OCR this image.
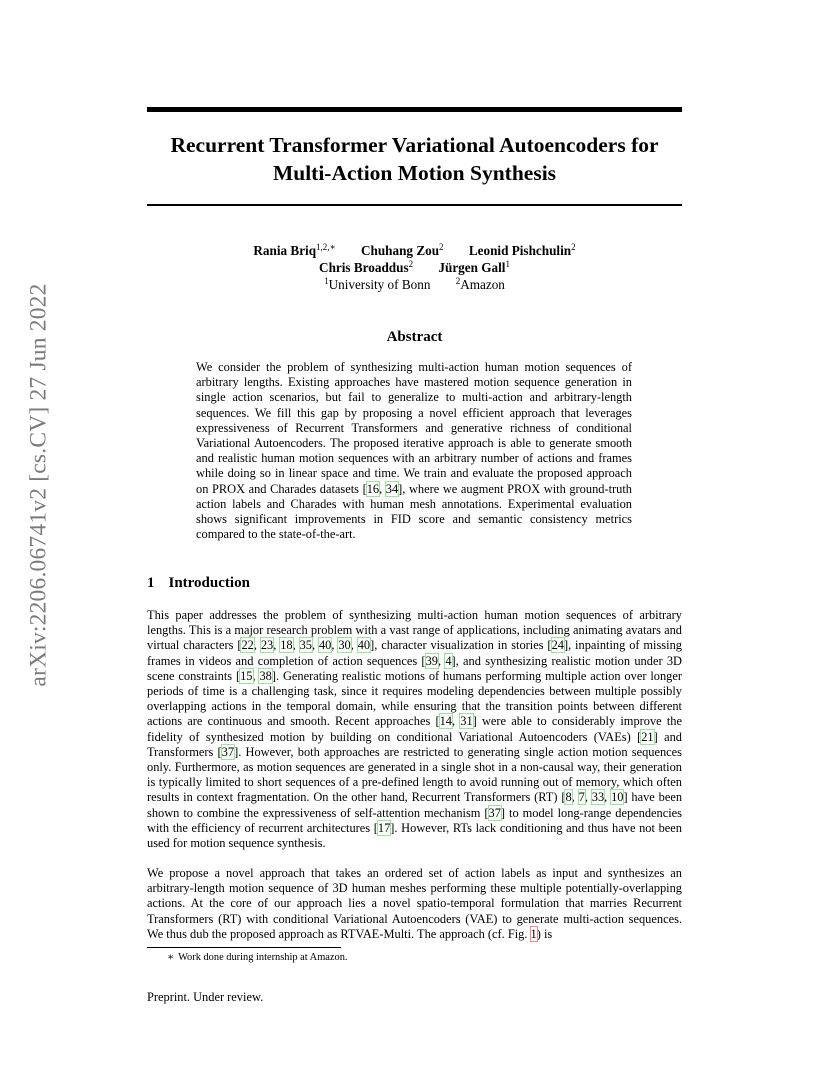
arXiv:2206.06741v2 [cs.CV] 27 Jun 2022
Recurrent Transformer Variational Autoencoders for
Multi-Action Motion Synthesis
Rania Briq$^{1,2,∗}$ Chuhang Zou$^2$ Leonid Pishchulin$^2$
Chris Broaddus$^2$ Jürgen Gall$^1$
$^1$University of Bonn	$^2$Amazon
Abstract

We consider the problem of synthesizing multi-action human motion sequences of arbitrary lengths. Existing approaches have mastered motion sequence generation in single action scenarios, but fail to generalize to multi-action and arbitrary-length sequences. We fill this gap by proposing a novel efficient approach that leverages expressiveness of Recurrent Transformers and generative richness of conditional Variational Autoencoders. The proposed iterative approach is able to generate smooth and realistic human motion sequences with an arbitrary number of actions and frames while doing so in linear space and time. We train and evaluate the proposed approach on PROX and Charades datasets [16, 34], where we augment PROX with ground-truth action labels and Charades with human mesh annotations. Experimental evaluation shows significant improvements in FID score and semantic consistency metrics compared to the state-of-the-art.

1 Introduction

This paper addresses the problem of synthesizing multi-action human motion sequences of arbitrary lengths. This is a major research problem with a vast range of applications, including animating avatars and virtual characters [22, 23, 18, 35, 40, 30, 40], character visualization in stories [24], inpainting of missing frames in videos and completion of action sequences [39, 4], and synthesizing realistic motion under 3D scene constraints [15, 38]. Generating realistic motions of humans performing multiple action over longer periods of time is a challenging task, since it requires modeling dependencies between multiple possibly overlapping actions in the temporal domain, while ensuring that the transition points between different actions are continuous and smooth. Recent approaches [14, 31] were able to considerably improve the fidelity of synthesized motion by building on conditional Variational Autoencoders (VAEs) [21] and Transformers [37]. However, both approaches are restricted to generating single action motion sequences only. Furthermore, as motion sequences are generated in a single shot in a non-causal way, their generation is typically limited to short sequences of a pre-defined length to avoid running out of memory, which often results in context fragmentation. On the other hand, Recurrent Transformers (RT) [8, 7, 33, 10] have been shown to combine the expressiveness of self-attention mechanism [37] to model long-range dependencies with the efficiency of recurrent architectures [17]. However, RTs lack conditioning and thus have not been used for motion sequence synthesis.

We propose a novel approach that takes an ordered set of action labels as input and synthesizes an arbitrary-length motion sequence of 3D human meshes performing these multiple potentially-overlapping actions. At the core of our approach lies a novel spatio-temporal formulation that marries Recurrent Transformers (RT) with conditional Variational Autoencoders (VAE) to generate multi-action sequences. We thus dub the proposed approach as RTVAE-Multi. The approach (cf. Fig. 1) is

∗ Work done during internship at Amazon.

Preprint. Under review.
